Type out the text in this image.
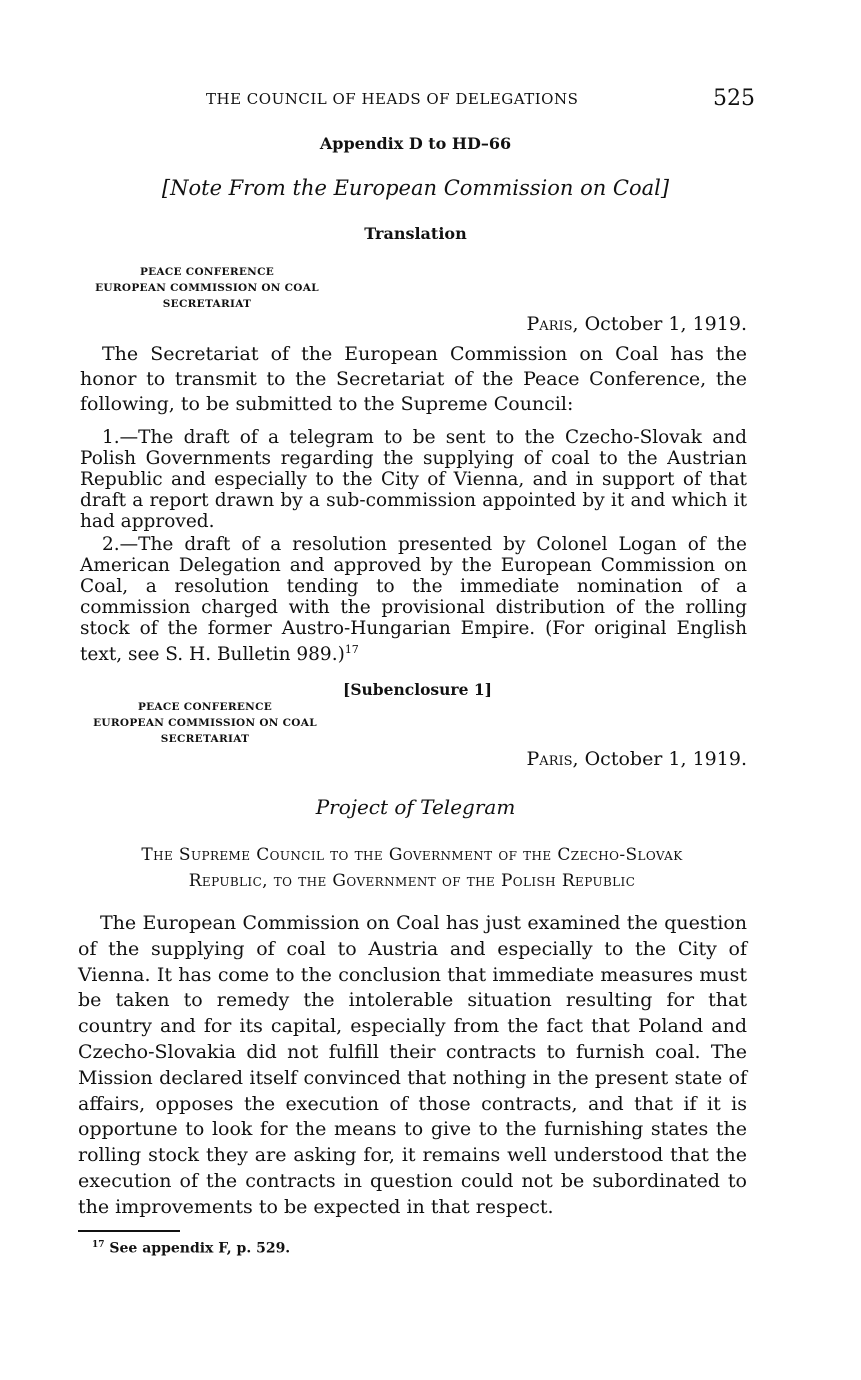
THE COUNCIL OF HEADS OF DELEGATIONS	525
Appendix D to HD–66
[Note From the European Commission on Coal]
Translation
PEACE CONFERENCE
EUROPEAN COMMISSION ON COAL
SECRETARIAT
Paris, October 1, 1919.
The Secretariat of the European Commission on Coal has the honor to transmit to the Secretariat of the Peace Conference, the following, to be submitted to the Supreme Council:
1.—The draft of a telegram to be sent to the Czecho-Slovak and Polish Governments regarding the supplying of coal to the Austrian Republic and especially to the City of Vienna, and in support of that draft a report drawn by a sub-commission appointed by it and which it had approved.
2.—The draft of a resolution presented by Colonel Logan of the American Delegation and approved by the European Commission on Coal, a resolution tending to the immediate nomination of a commission charged with the provisional distribution of the rolling stock of the former Austro-Hungarian Empire. (For original English text, see S. H. Bulletin 989.)$^{17}$
[Subenclosure 1]
PEACE CONFERENCE
EUROPEAN COMMISSION ON COAL
SECRETARIAT
Paris, October 1, 1919.
Project of Telegram
The Supreme Council to the Government of the Czecho-Slovak
Republic, to the Government of the Polish Republic
The European Commission on Coal has just examined the question of the supplying of coal to Austria and especially to the City of Vienna. It has come to the conclusion that immediate measures must be taken to remedy the intolerable situation resulting for that country and for its capital, especially from the fact that Poland and Czecho-Slovakia did not fulfill their contracts to furnish coal. The Mission declared itself convinced that nothing in the present state of affairs, opposes the execution of those contracts, and that if it is opportune to look for the means to give to the furnishing states the rolling stock they are asking for, it remains well understood that the execution of the contracts in question could not be subordinated to the improvements to be expected in that respect.
$^{17}$ See appendix F, p. 529.
